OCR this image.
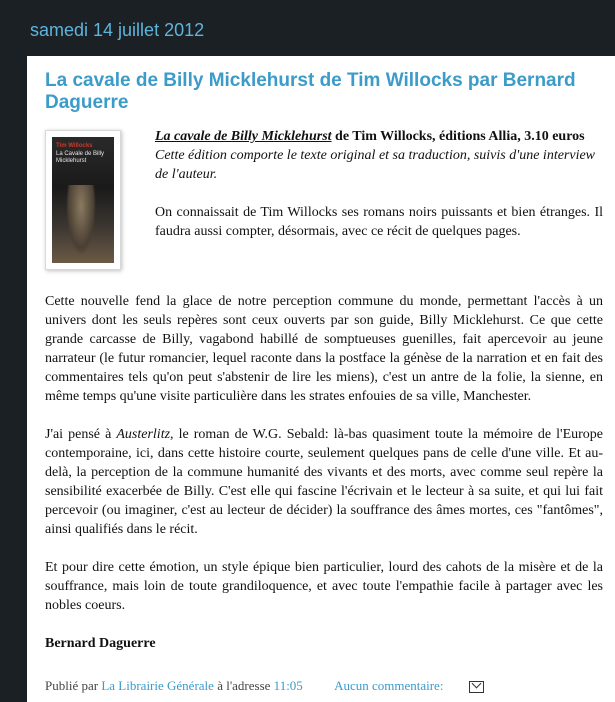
samedi 14 juillet 2012
La cavale de Billy Micklehurst de Tim Willocks par Bernard Daguerre
Tim Willocks
La Cavale de Billy Micklehurst
La cavale de Billy Micklehurst de Tim Willocks, éditions Allia, 3.10 euros
Cette édition comporte le texte original et sa traduction, suivis d'une interview de l'auteur.
On connaissait de Tim Willocks ses romans noirs puissants et bien étranges. Il faudra aussi compter, désormais, avec ce récit de quelques pages.

Cette nouvelle fend la glace de notre perception commune du monde, permettant l'accès à un univers dont les seuls repères sont ceux ouverts par son guide, Billy Micklehurst. Ce que cette grande carcasse de Billy, vagabond habillé de somptueuses guenilles, fait apercevoir au jeune narrateur (le futur romancier, lequel raconte dans la postface la génèse de la narration et en fait des commentaires tels qu'on peut s'abstenir de lire les miens), c'est un antre de la folie, la sienne, en même temps qu'une visite particulière dans les strates enfouies de sa ville, Manchester.

J'ai pensé à Austerlitz, le roman de W.G. Sebald: là-bas quasiment toute la mémoire de l'Europe contemporaine, ici, dans cette histoire courte, seulement quelques pans de celle d'une ville. Et au-delà, la perception de la commune humanité des vivants et des morts, avec comme seul repère la sensibilité exacerbée de Billy. C'est elle qui fascine l'écrivain et le lecteur à sa suite, et qui lui fait percevoir (ou imaginer, c'est au lecteur de décider) la souffrance des âmes mortes, ces "fantômes", ainsi qualifiés dans le récit.

Et pour dire cette émotion, un style épique bien particulier, lourd des cahots de la misère et de la souffrance, mais loin de toute grandiloquence, et avec toute l'empathie facile à partager avec les nobles coeurs.

Bernard Daguerre

Publié par La Librairie Générale à l'adresse 11:05 Aucun commentaire:
